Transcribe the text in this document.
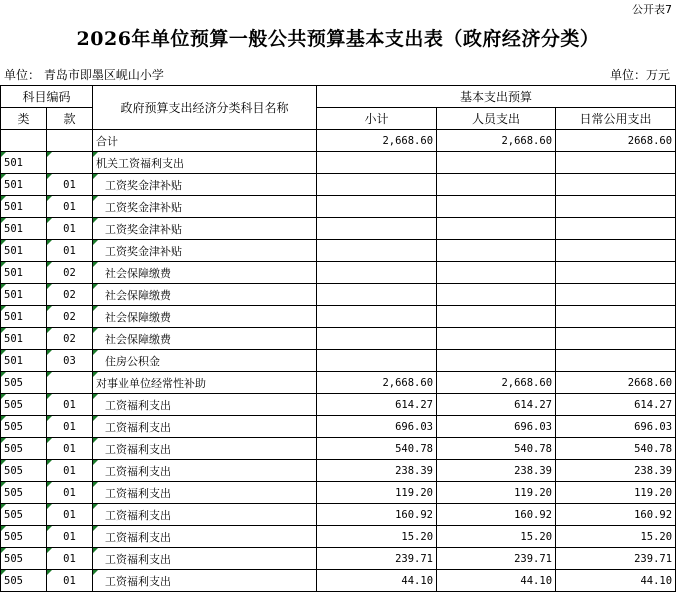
公开表7
2026年单位预算一般公共预算基本支出表（政府经济分类）
单位： 青岛市即墨区岘山小学	单位：万元
科目编码		政府预算支出经济分类科目名称	基本支出预算		
类	款		小计	人员支出	日常公用支出
		合计	2,668.60	2,668.60	2668.60
501		机关工资福利支出			
501	01	工资奖金津补贴			
501	01	工资奖金津补贴			
501	01	工资奖金津补贴			
501	01	工资奖金津补贴			
501	02	社会保障缴费			
501	02	社会保障缴费			
501	02	社会保障缴费			
501	02	社会保障缴费			
501	03	住房公积金			
505		对事业单位经常性补助	2,668.60	2,668.60	2668.60
505	01	工资福利支出	614.27	614.27	614.27
505	01	工资福利支出	696.03	696.03	696.03
505	01	工资福利支出	540.78	540.78	540.78
505	01	工资福利支出	238.39	238.39	238.39
505	01	工资福利支出	119.20	119.20	119.20
505	01	工资福利支出	160.92	160.92	160.92
505	01	工资福利支出	15.20	15.20	15.20
505	01	工资福利支出	239.71	239.71	239.71
505	01	工资福利支出	44.10	44.10	44.10
